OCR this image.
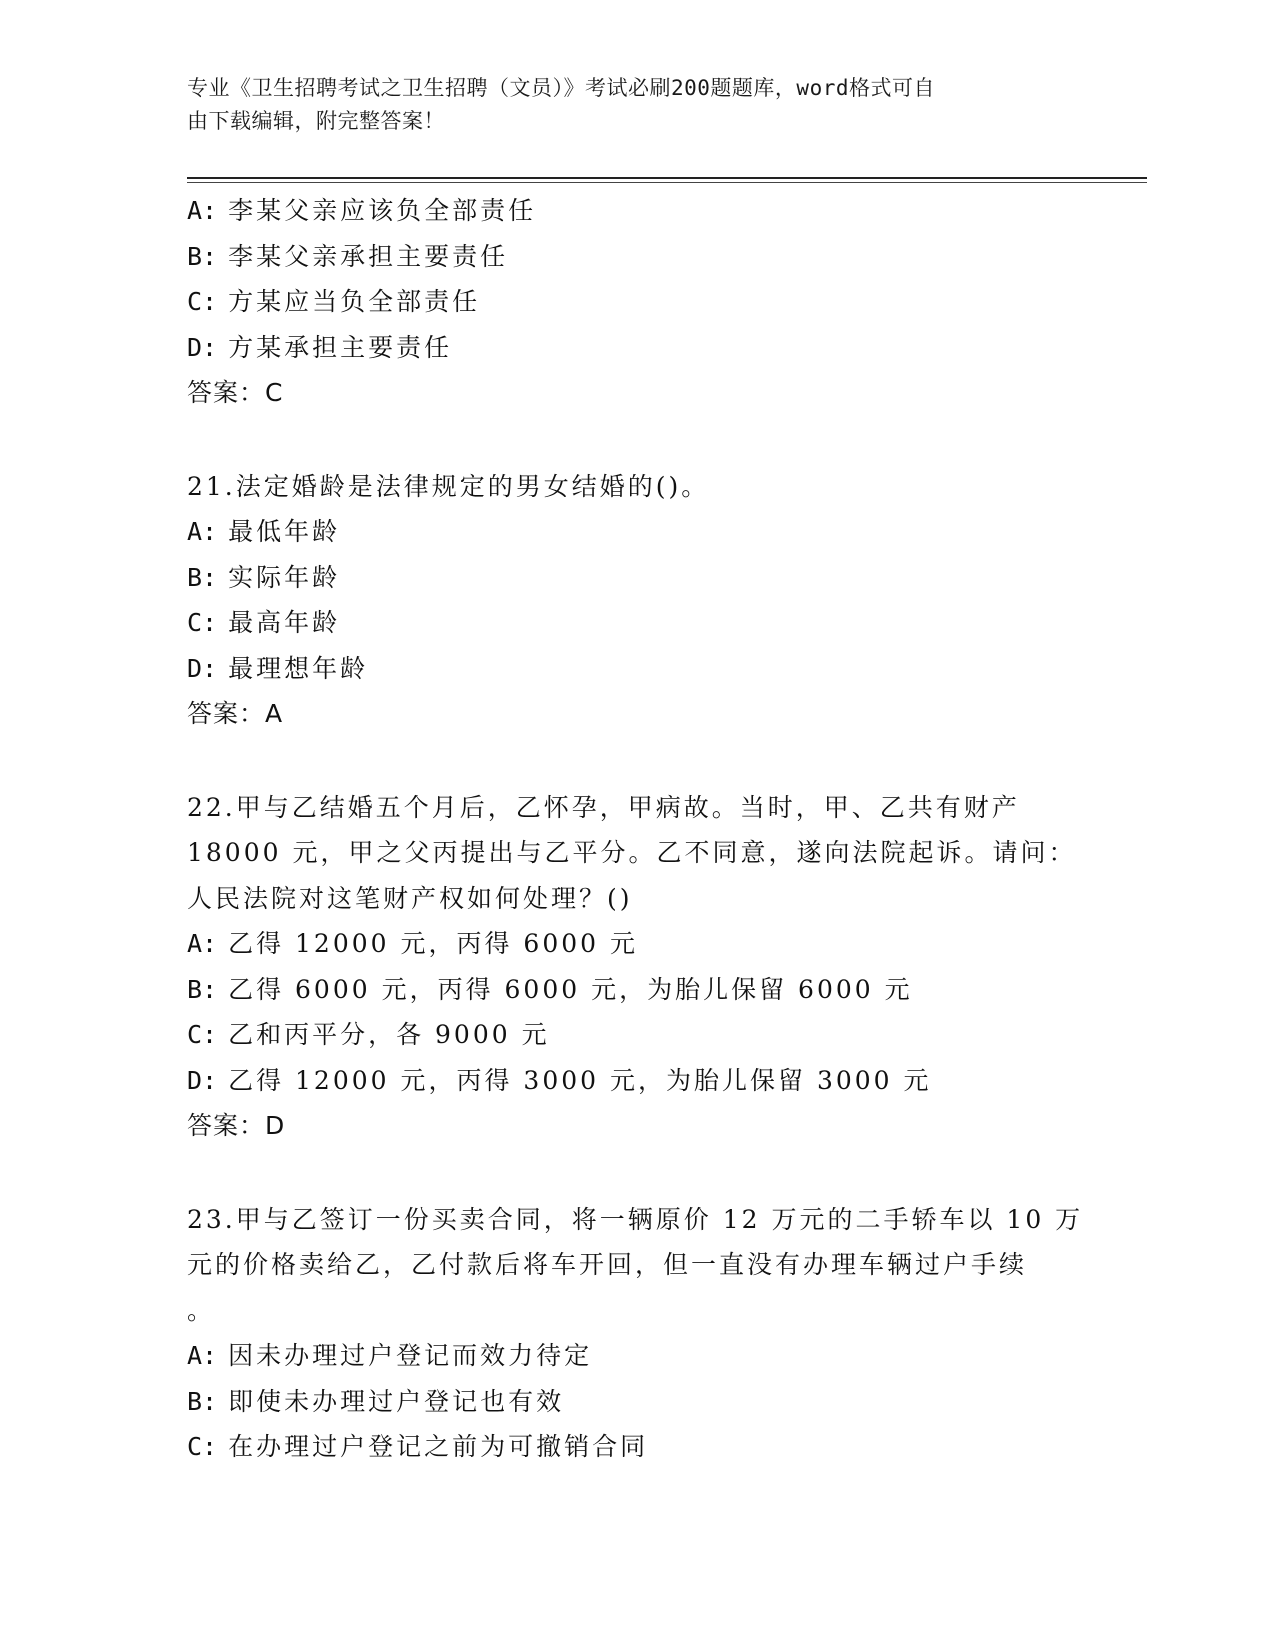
专业《卫生招聘考试之卫生招聘（文员）》考试必刷200题题库，word格式可自
由下载编辑，附完整答案！
A: 李某父亲应该负全部责任
B: 李某父亲承担主要责任
C: 方某应当负全部责任
D: 方某承担主要责任
答案：C
21.法定婚龄是法律规定的男女结婚的()。
A: 最低年龄
B: 实际年龄
C: 最高年龄
D: 最理想年龄
答案：A
22.甲与乙结婚五个月后，乙怀孕，甲病故。当时，甲、乙共有财产
18000 元，甲之父丙提出与乙平分。乙不同意，遂向法院起诉。请问：
人民法院对这笔财产权如何处理？()
A: 乙得 12000 元，丙得 6000 元
B: 乙得 6000 元，丙得 6000 元，为胎儿保留 6000 元
C: 乙和丙平分，各 9000 元
D: 乙得 12000 元，丙得 3000 元，为胎儿保留 3000 元
答案：D
23.甲与乙签订一份买卖合同，将一辆原价 12 万元的二手轿车以 10 万
元的价格卖给乙，乙付款后将车开回，但一直没有办理车辆过户手续
。
A: 因未办理过户登记而效力待定
B: 即使未办理过户登记也有效
C: 在办理过户登记之前为可撤销合同
